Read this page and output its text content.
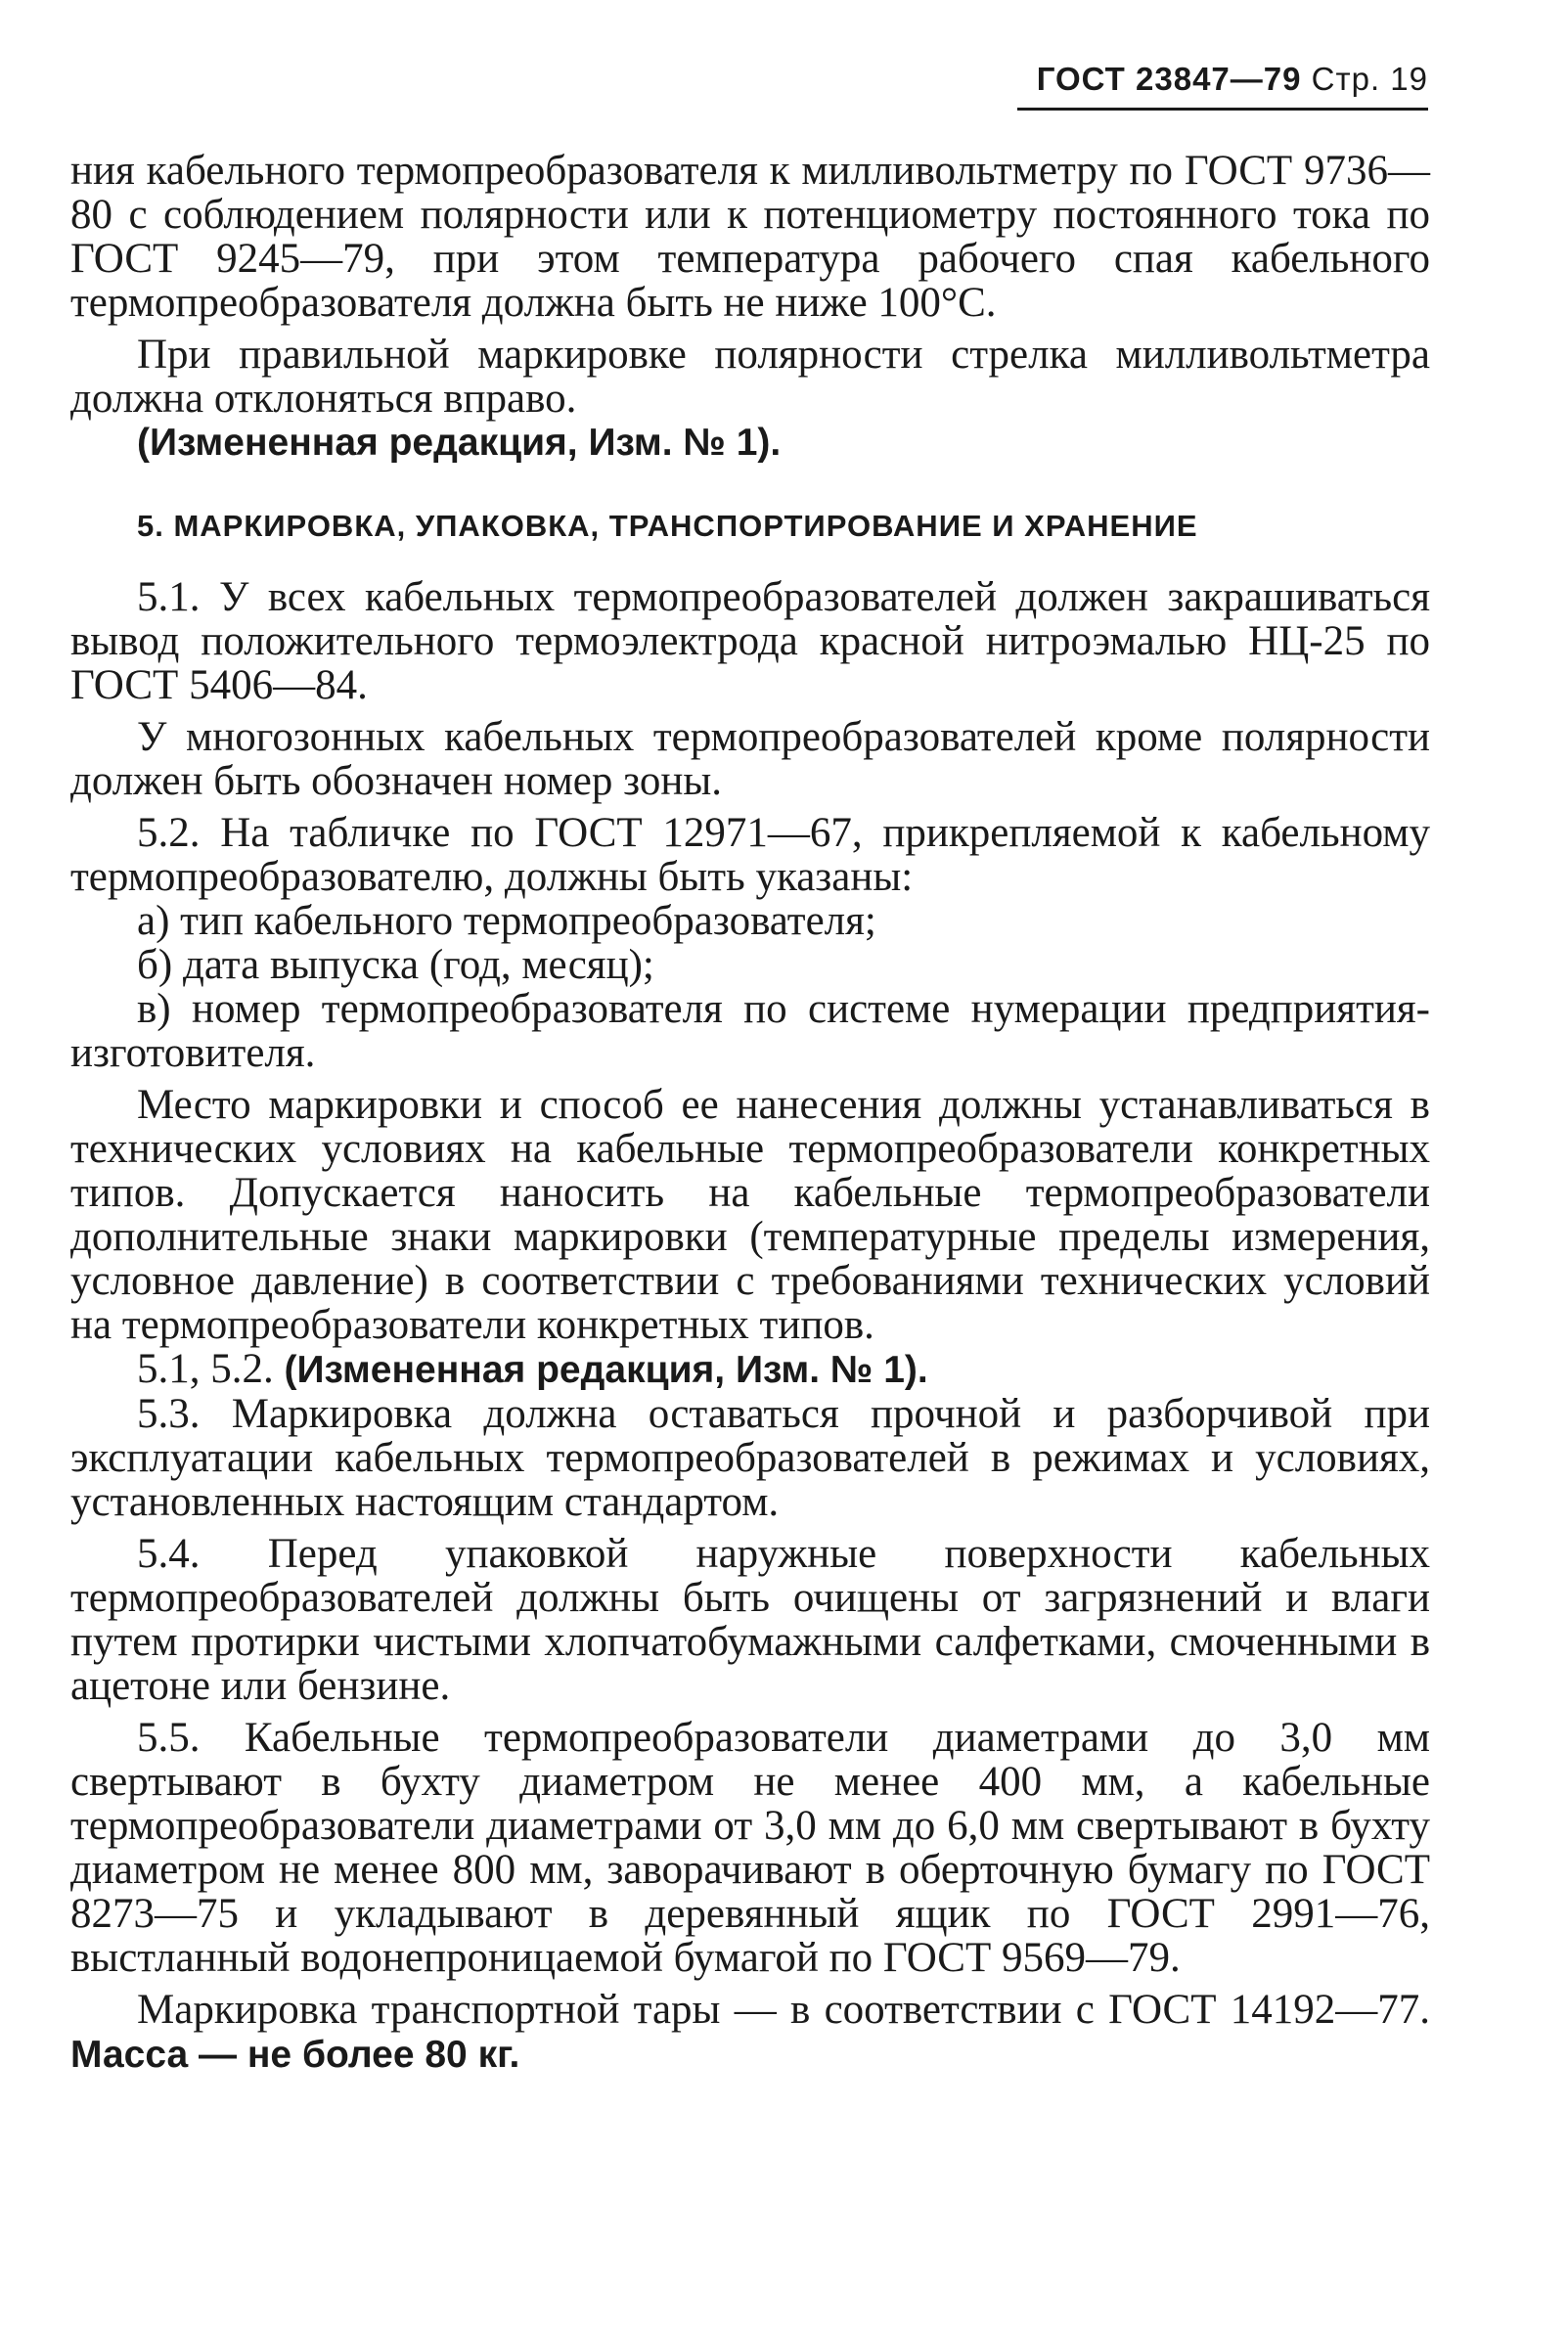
ГОСТ 23847—79 Стр. 19

ния кабельного термопреобразователя к милливольтметру по ГОСТ 9736—80 с соблюдением полярности или к потенциометру постоянного тока по ГОСТ 9245—79, при этом температура рабочего спая кабельного термопреобразователя должна быть не ниже 100°С.

При правильной маркировке полярности стрелка милливольтметра должна отклоняться вправо.

(Измененная редакция, Изм. № 1).

5. МАРКИРОВКА, УПАКОВКА, ТРАНСПОРТИРОВАНИЕ И ХРАНЕНИЕ

5.1. У всех кабельных термопреобразователей должен закрашиваться вывод положительного термоэлектрода красной нитроэмалью НЦ-25 по ГОСТ 5406—84.

У многозонных кабельных термопреобразователей кроме полярности должен быть обозначен номер зоны.

5.2. На табличке по ГОСТ 12971—67, прикрепляемой к кабельному термопреобразователю, должны быть указаны:

а) тип кабельного термопреобразователя;

б) дата выпуска (год, месяц);

в) номер термопреобразователя по системе нумерации предприятия-изготовителя.

Место маркировки и способ ее нанесения должны устанавливаться в технических условиях на кабельные термопреобразователи конкретных типов. Допускается наносить на кабельные термопреобразователи дополнительные знаки маркировки (температурные пределы измерения, условное давление) в соответствии с требованиями технических условий на термопреобразователи конкретных типов.

5.1, 5.2. (Измененная редакция, Изм. № 1).

5.3. Маркировка должна оставаться прочной и разборчивой при эксплуатации кабельных термопреобразователей в режимах и условиях, установленных настоящим стандартом.

5.4. Перед упаковкой наружные поверхности кабельных термопреобразователей должны быть очищены от загрязнений и влаги путем протирки чистыми хлопчатобумажными салфетками, смоченными в ацетоне или бензине.

5.5. Кабельные термопреобразователи диаметрами до 3,0 мм свертывают в бухту диаметром не менее 400 мм, а кабельные термопреобразователи диаметрами от 3,0 мм до 6,0 мм свертывают в бухту диаметром не менее 800 мм, заворачивают в оберточную бумагу по ГОСТ 8273—75 и укладывают в деревянный ящик по ГОСТ 2991—76, выстланный водонепроницаемой бумагой по ГОСТ 9569—79.

Маркировка транспортной тары — в соответствии с ГОСТ 14192—77. Масса — не более 80 кг.
